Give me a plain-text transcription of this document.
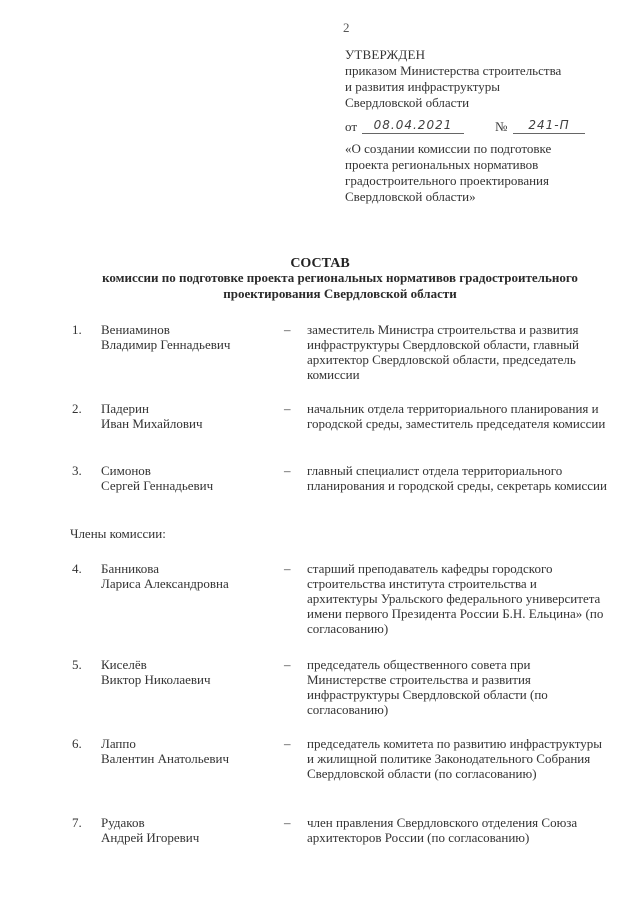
2
УТВЕРЖДЕН
приказом Министерства строительства
и развития инфраструктуры
Свердловской области
от	08.04.2021	№	241-П
«О создании комиссии по подготовке
проекта региональных нормативов
градостроительного проектирования
Свердловской области»
СОСТАВ
комиссии по подготовке проекта региональных нормативов градостроительного
проектирования Свердловской области
1. Вениаминов
Владимир Геннадьевич
– заместитель Министра строительства и развития инфраструктуры Свердловской области, главный архитектор Свердловской области, председатель комиссии
2. Падерин
Иван Михайлович
– начальник отдела территориального планирования и городской среды, заместитель председателя комиссии
3. Симонов
Сергей Геннадьевич
– главный специалист отдела территориального планирования и городской среды, секретарь комиссии
Члены комиссии:
4. Банникова
Лариса Александровна
– старший преподаватель кафедры городского строительства института строительства и архитектуры Уральского федерального университета имени первого Президента России Б.Н. Ельцина» (по согласованию)
5. Киселёв
Виктор Николаевич
– председатель общественного совета при Министерстве строительства и развития инфраструктуры Свердловской области (по согласованию)
6. Лаппо
Валентин Анатольевич
– председатель комитета по развитию инфраструктуры и жилищной политике Законодательного Собрания Свердловской области (по согласованию)
7. Рудаков
Андрей Игоревич
– член правления Свердловского отделения Союза архитекторов России (по согласованию)
